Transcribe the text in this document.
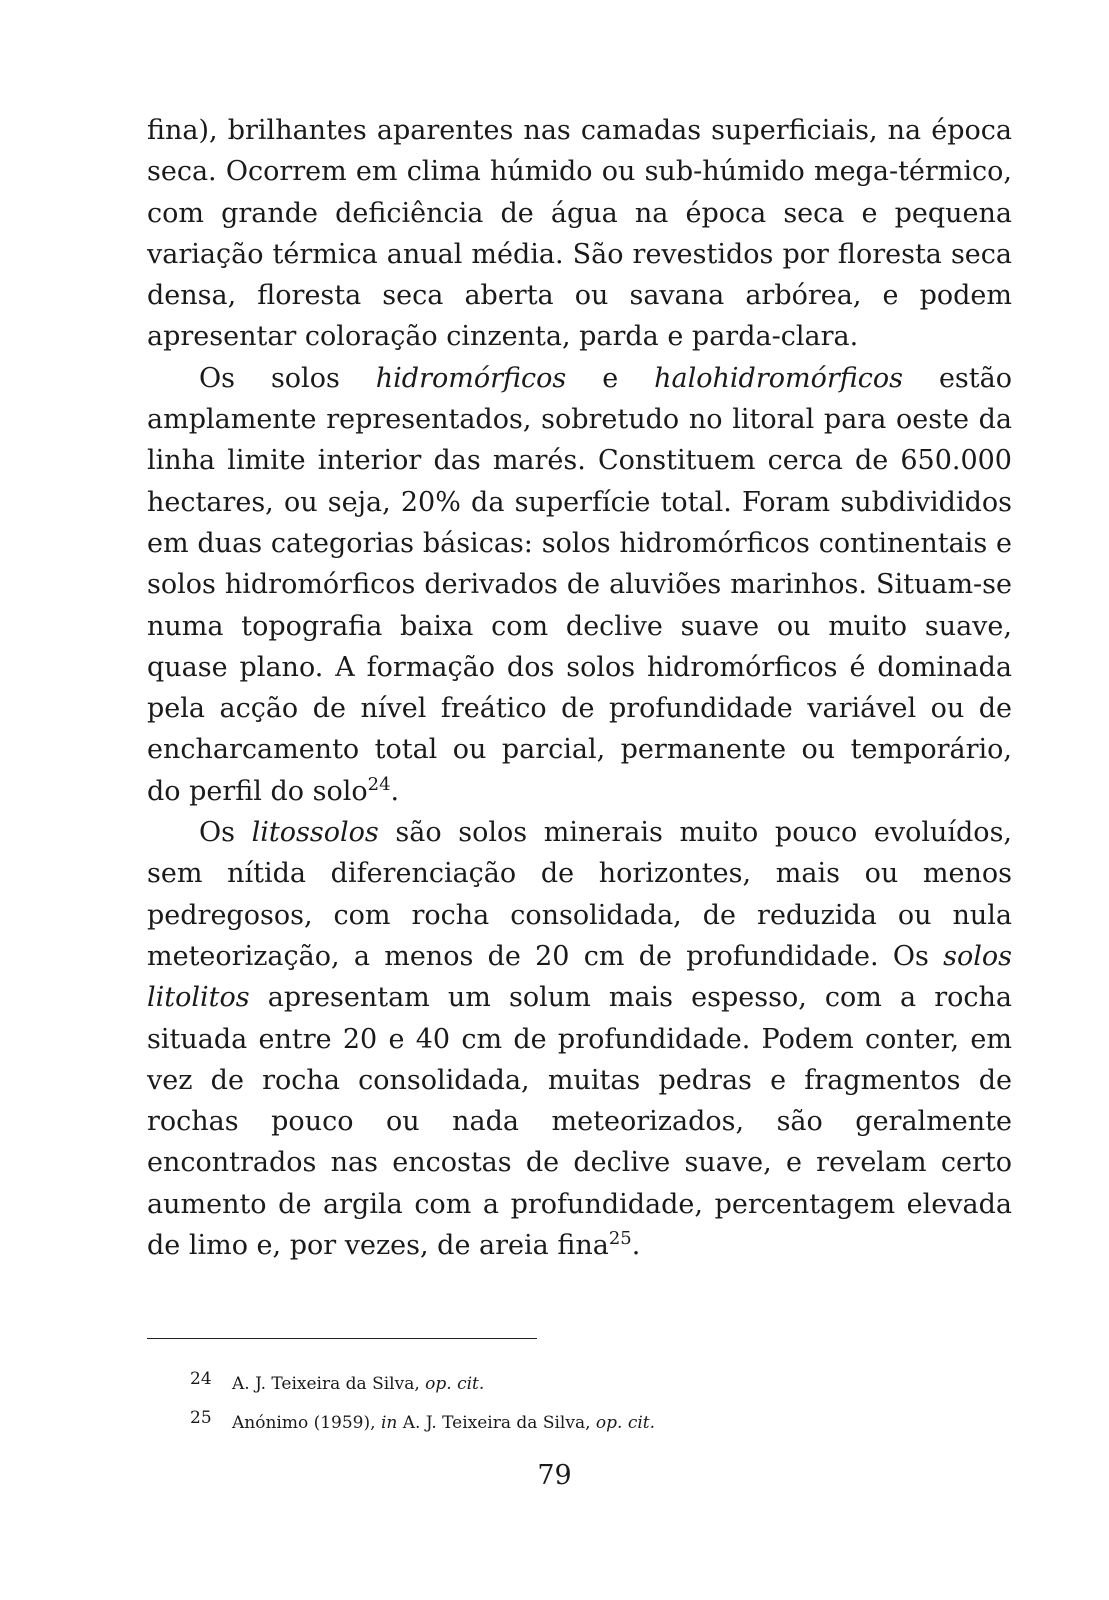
fina), brilhantes aparentes nas camadas superficiais, na época seca. Ocorrem em clima húmido ou sub-húmido mega-térmico, com grande deficiência de água na época seca e pequena variação térmica anual média. São revestidos por floresta seca densa, floresta seca aberta ou savana arbórea, e podem apresentar coloração cinzenta, parda e parda-clara.

Os solos hidromórficos e halohidromórficos estão amplamente representados, sobretudo no litoral para oeste da linha limite interior das marés. Constituem cerca de 650.000 hectares, ou seja, 20% da superfície total. Foram subdivididos em duas categorias básicas: solos hidromórficos continentais e solos hidromórficos derivados de aluviões marinhos. Situam-se numa topografia baixa com declive suave ou muito suave, quase plano. A formação dos solos hidromórficos é dominada pela acção de nível freático de profundidade variável ou de encharcamento total ou parcial, permanente ou temporário, do perfil do solo$^{24}$.

Os litossolos são solos minerais muito pouco evoluídos, sem nítida diferenciação de horizontes, mais ou menos pedregosos, com rocha consolidada, de reduzida ou nula meteorização, a menos de 20 cm de profundidade. Os solos litolitos apresentam um solum mais espesso, com a rocha situada entre 20 e 40 cm de profundidade. Podem conter, em vez de rocha consolidada, muitas pedras e fragmentos de rochas pouco ou nada meteorizados, são geralmente encontrados nas encostas de declive suave, e revelam certo aumento de argila com a profundidade, percentagem elevada de limo e, por vezes, de areia fina$^{25}$.

24 A. J. Teixeira da Silva, op. cit.

25 Anónimo (1959), in A. J. Teixeira da Silva, op. cit.

79
